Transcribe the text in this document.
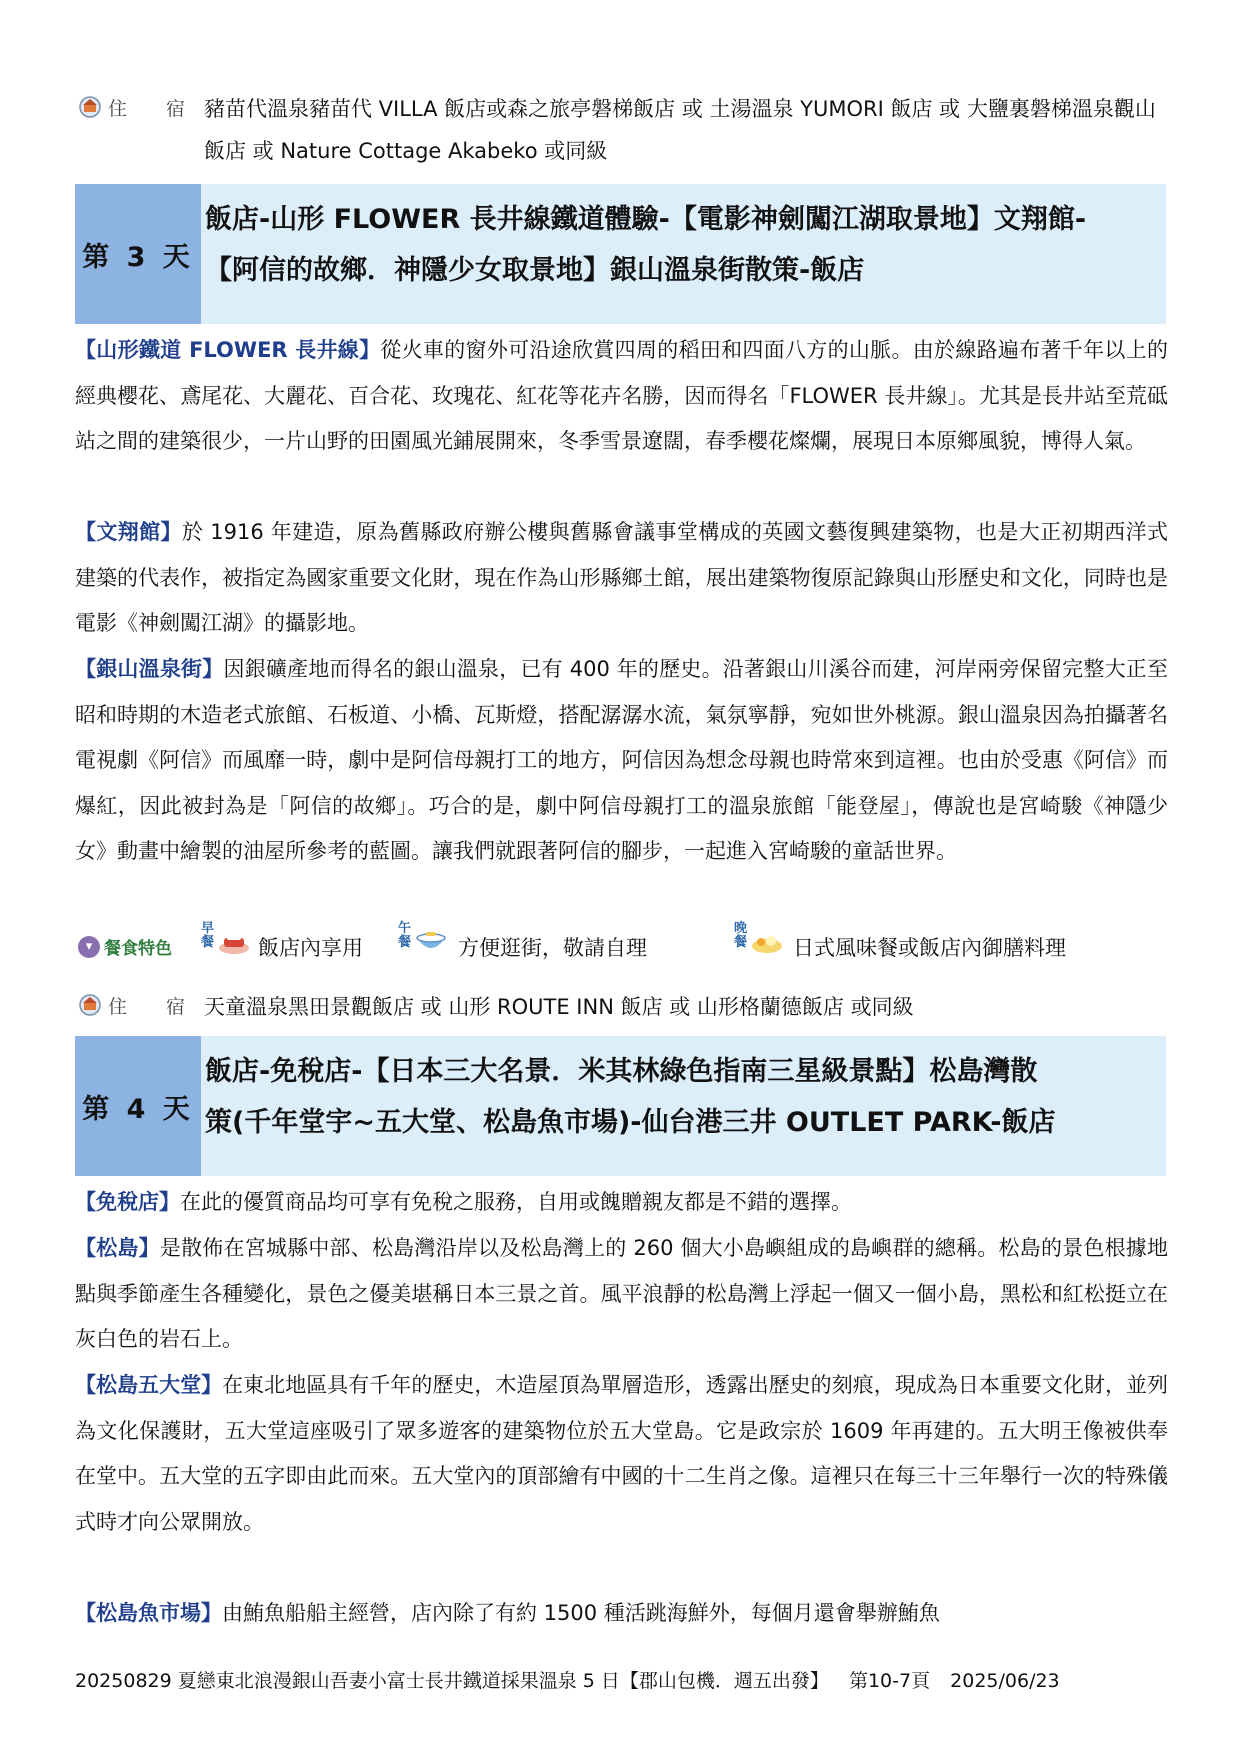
住 宿 豬苗代溫泉豬苗代 VILLA 飯店或森之旅亭磐梯飯店 或 土湯溫泉 YUMORI 飯店 或 大鹽裏磐梯溫泉觀山飯店 或 Nature Cottage Akabeko 或同級
第 3 天
飯店-山形 FLOWER 長井線鐵道體驗-【電影神劍闖江湖取景地】文翔館-
【阿信的故鄉．神隱少女取景地】銀山溫泉街散策-飯店
【山形鐵道 FLOWER 長井線】從火車的窗外可沿途欣賞四周的稻田和四面八方的山脈。由於線路遍布著千年以上的經典櫻花、鳶尾花、大麗花、百合花、玫瑰花、紅花等花卉名勝，因而得名「FLOWER 長井線」。尤其是長井站至荒砥站之間的建築很少，一片山野的田園風光鋪展開來，冬季雪景遼闊，春季櫻花燦爛，展現日本原鄉風貌，博得人氣。
【文翔館】於 1916 年建造，原為舊縣政府辦公樓與舊縣會議事堂構成的英國文藝復興建築物，也是大正初期西洋式建築的代表作，被指定為國家重要文化財，現在作為山形縣鄉土館，展出建築物復原記錄與山形歷史和文化，同時也是電影《神劍闖江湖》的攝影地。
【銀山溫泉街】因銀礦產地而得名的銀山溫泉，已有 400 年的歷史。沿著銀山川溪谷而建，河岸兩旁保留完整大正至昭和時期的木造老式旅館、石板道、小橋、瓦斯燈，搭配潺潺水流，氣氛寧靜，宛如世外桃源。銀山溫泉因為拍攝著名電視劇《阿信》而風靡一時，劇中是阿信母親打工的地方，阿信因為想念母親也時常來到這裡。也由於受惠《阿信》而爆紅，因此被封為是「阿信的故鄉」。巧合的是，劇中阿信母親打工的溫泉旅館「能登屋」，傳說也是宮崎駿《神隱少女》動畫中繪製的油屋所參考的藍圖。讓我們就跟著阿信的腳步，一起進入宮崎駿的童話世界。
▾ 餐食特色
早餐 飯店內享用
午餐 方便逛街，敬請自理
晚餐 日式風味餐或飯店內御膳料理
住 宿 天童溫泉黑田景觀飯店 或 山形 ROUTE INN 飯店 或 山形格蘭德飯店 或同級
第 4 天
飯店-免稅店-【日本三大名景．米其林綠色指南三星級景點】松島灣散
策(千年堂宇~五大堂、松島魚市場)-仙台港三井 OUTLET PARK-飯店
【免稅店】在此的優質商品均可享有免稅之服務，自用或餽贈親友都是不錯的選擇。
【松島】是散佈在宮城縣中部、松島灣沿岸以及松島灣上的 260 個大小島嶼組成的島嶼群的總稱。松島的景色根據地點與季節產生各種變化，景色之優美堪稱日本三景之首。風平浪靜的松島灣上浮起一個又一個小島，黑松和紅松挺立在灰白色的岩石上。
【松島五大堂】在東北地區具有千年的歷史，木造屋頂為單層造形，透露出歷史的刻痕，現成為日本重要文化財，並列為文化保護財，五大堂這座吸引了眾多遊客的建築物位於五大堂島。它是政宗於 1609 年再建的。五大明王像被供奉在堂中。五大堂的五字即由此而來。五大堂內的頂部繪有中國的十二生肖之像。這裡只在每三十三年舉行一次的特殊儀式時才向公眾開放。
【松島魚市場】由鮪魚船船主經營，店內除了有約 1500 種活跳海鮮外，每個月還會舉辦鮪魚
20250829 夏戀東北浪漫銀山吾妻小富士長井鐵道採果溫泉 5 日【郡山包機．週五出發】 第10-7頁 2025/06/23
